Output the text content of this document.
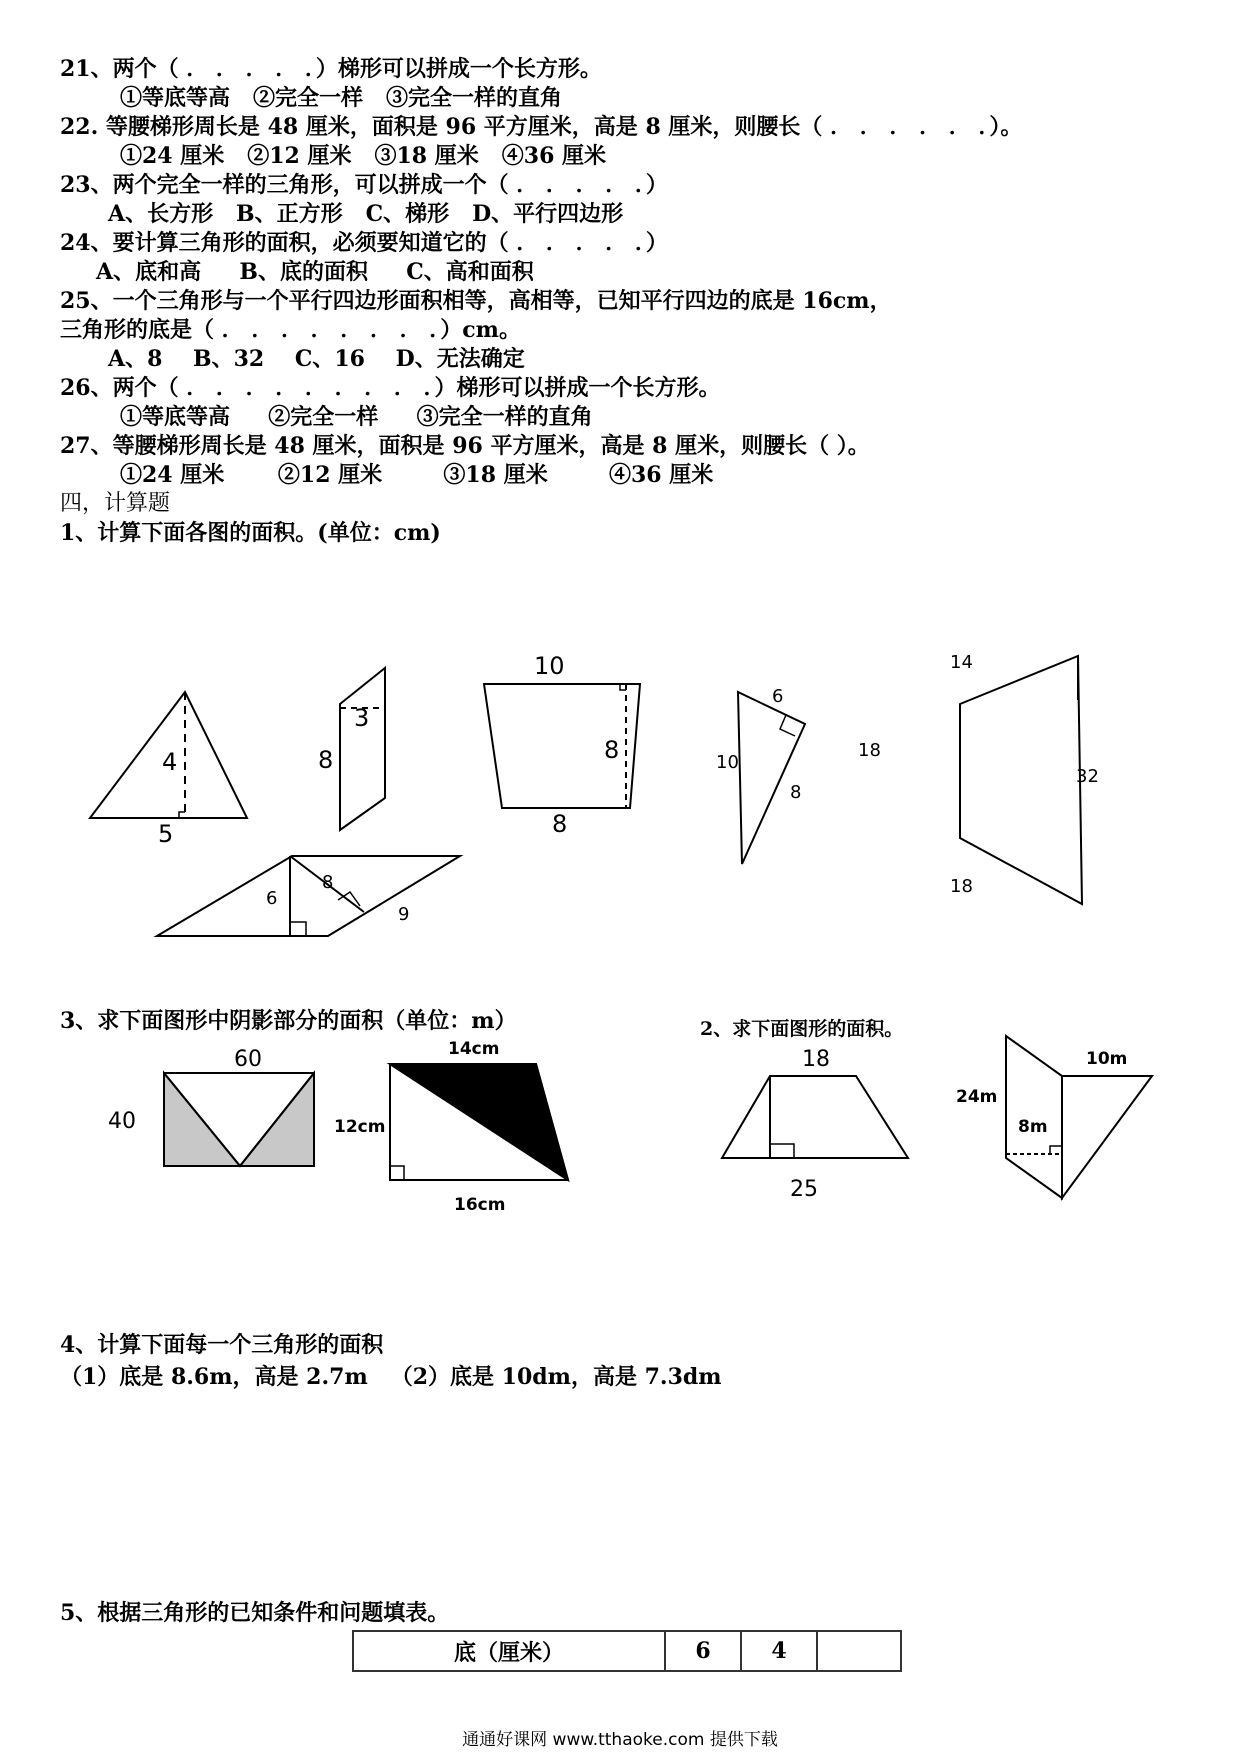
21、两个（ ． ． ． ． ．）梯形可以拼成一个长方形。
①等底等高   ②完全一样   ③完全一样的直角
22. 等腰梯形周长是 48 厘米，面积是 96 平方厘米，高是 8 厘米，则腰长（ ． ． ． ． ． ．）。
①24 厘米   ②12 厘米   ③18 厘米   ④36 厘米
23、两个完全一样的三角形，可以拼成一个（ ． ． ． ． ．）
A、长方形   B、正方形   C、梯形   D、平行四边形
24、要计算三角形的面积，必须要知道它的（ ． ． ． ． ．）
A、底和高     B、底的面积     C、高和面积
25、一个三角形与一个平行四边形面积相等，高相等，已知平行四边的底是 16cm，
三角形的底是（ ． ． ． ． ． ． ． ．）cm。
A、8    B、32    C、16    D、无法确定
26、两个（ ． ． ． ． ． ． ． ． ．）梯形可以拼成一个长方形。
①等底等高     ②完全一样     ③完全一样的直角
27、等腰梯形周长是 48 厘米，面积是 96 平方厘米，高是 8 厘米，则腰长（ ）。
①24 厘米       ②12 厘米        ③18 厘米        ④36 厘米
四，计算题
1、计算下面各图的面积。(单位：cm)
4
5
3
8
10
8
8
6
10
8
18
14
32
18
6
8
9
60
40
18
25
14cm
12cm
16cm
24m
8m
10m
3、求下面图形中阴影部分的面积（单位：m）	2、求下面图形的面积。
4、计算下面每一个三角形的面积
（1）底是 8.6m，高是 2.7m   （2）底是 10dm，高是 7.3dm
5、根据三角形的已知条件和问题填表。
底（厘米）	6	4	
通通好课网 www.tthaoke.com 提供下载
